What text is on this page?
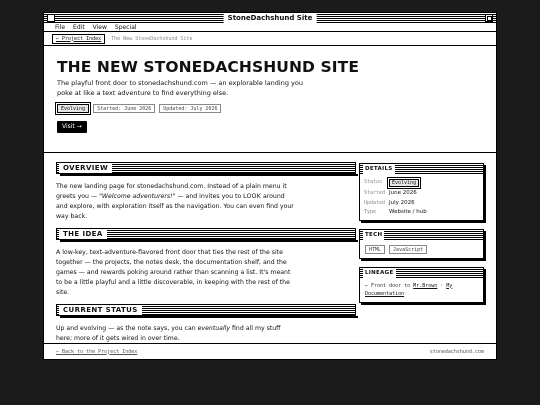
StoneDachshund Site
File Edit View Special
← Project Index	The New StoneDachshund Site
THE NEW STONEDACHSHUND SITE

The playful front door to stonedachshund.com — an explorable landing you poke at like a text adventure to find everything else.

Evolving	Started: June 2026	Updated: July 2026
Visit →
OVERVIEW

The new landing page for stonedachshund.com. Instead of a plain menu it greets you — "Welcome adventurers!" — and invites you to LOOK around and explore, with exploration itself as the navigation. You can even find your way back.

THE IDEA

A low-key, text-adventure-flavored front door that ties the rest of the site together — the projects, the notes desk, the documentation shelf, and the games — and rewards poking around rather than scanning a list. It's meant to be a little playful and a little discoverable, in keeping with the rest of the site.

CURRENT STATUS

Up and evolving — as the note says, you can eventually find all my stuff here; more of it gets wired in over time.

DETAILS
Status	Evolving
Started June 2026
Updated July 2026
Type	Website / hub
TECH
HTML	JavaScript
LINEAGE
← Front door to Mr.Brown · My Documentation
← Back to the Project Index	stonedachshund.com
